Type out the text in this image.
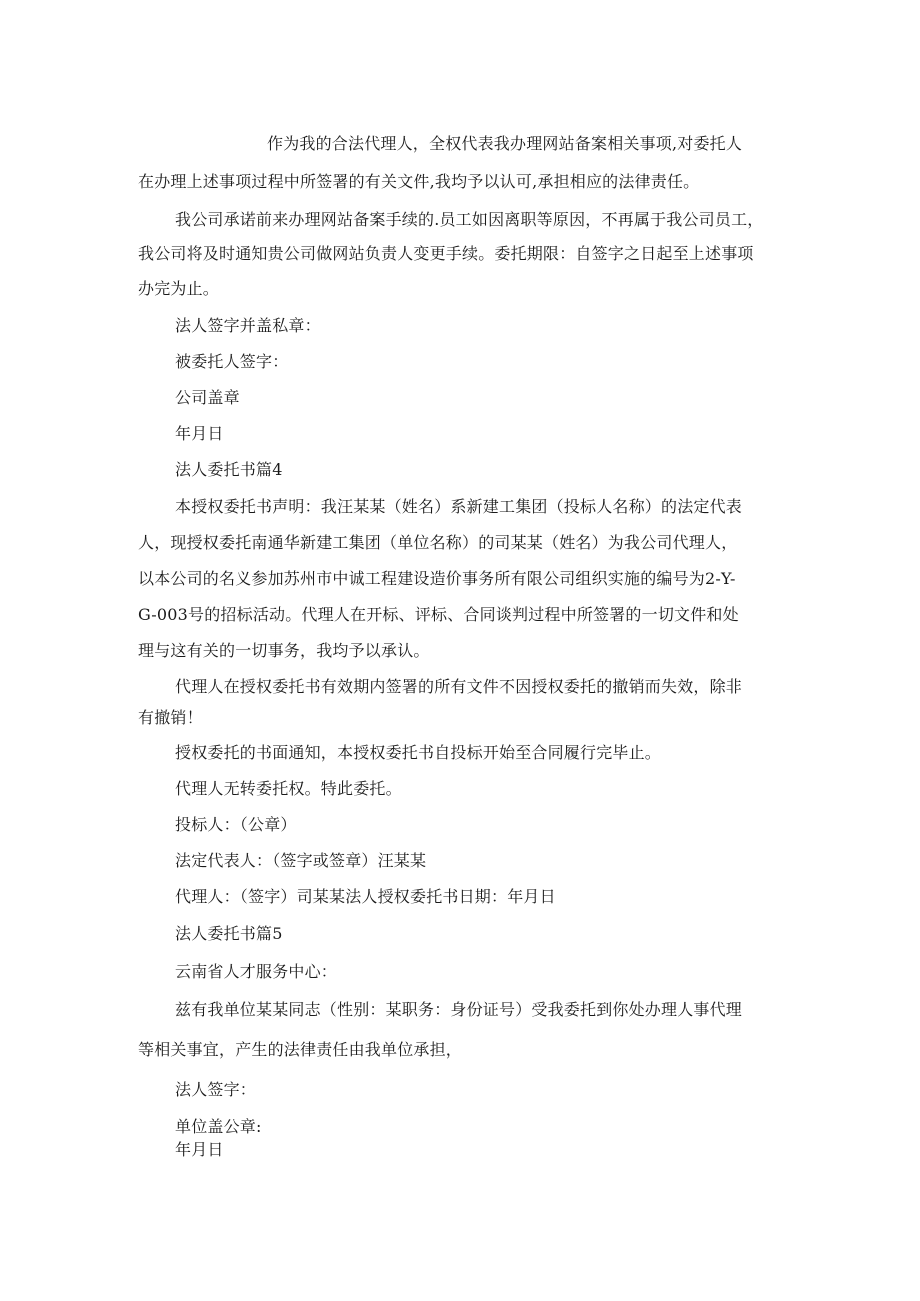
作为我的合法代理人，全权代表我办理网站备案相关事项,对委托人
在办理上述事项过程中所签署的有关文件,我均予以认可,承担相应的法律责任。
我公司承诺前来办理网站备案手续的.员工如因离职等原因，不再属于我公司员工，
我公司将及时通知贵公司做网站负责人变更手续。委托期限：自签字之日起至上述事项
办完为止。
法人签字并盖私章：
被委托人签字：
公司盖章
年月日
法人委托书篇4
本授权委托书声明：我汪某某（姓名）系新建工集团（投标人名称）的法定代表
人，现授权委托南通华新建工集团（单位名称）的司某某（姓名）为我公司代理人，
以本公司的名义参加苏州市中诚工程建设造价事务所有限公司组织实施的编号为2-Y-
G-003号的招标活动。代理人在开标、评标、合同谈判过程中所签署的一切文件和处
理与这有关的一切事务，我均予以承认。
代理人在授权委托书有效期内签署的所有文件不因授权委托的撤销而失效，除非
有撤销！
授权委托的书面通知，本授权委托书自投标开始至合同履行完毕止。
代理人无转委托权。特此委托。
投标人：（公章）
法定代表人：（签字或签章）汪某某
代理人：（签字）司某某法人授权委托书日期：年月日
法人委托书篇5
云南省人才服务中心：
兹有我单位某某同志（性别：某职务：身份证号）受我委托到你处办理人事代理
等相关事宜，产生的法律责任由我单位承担，
法人签字：
单位盖公章:
年月日
